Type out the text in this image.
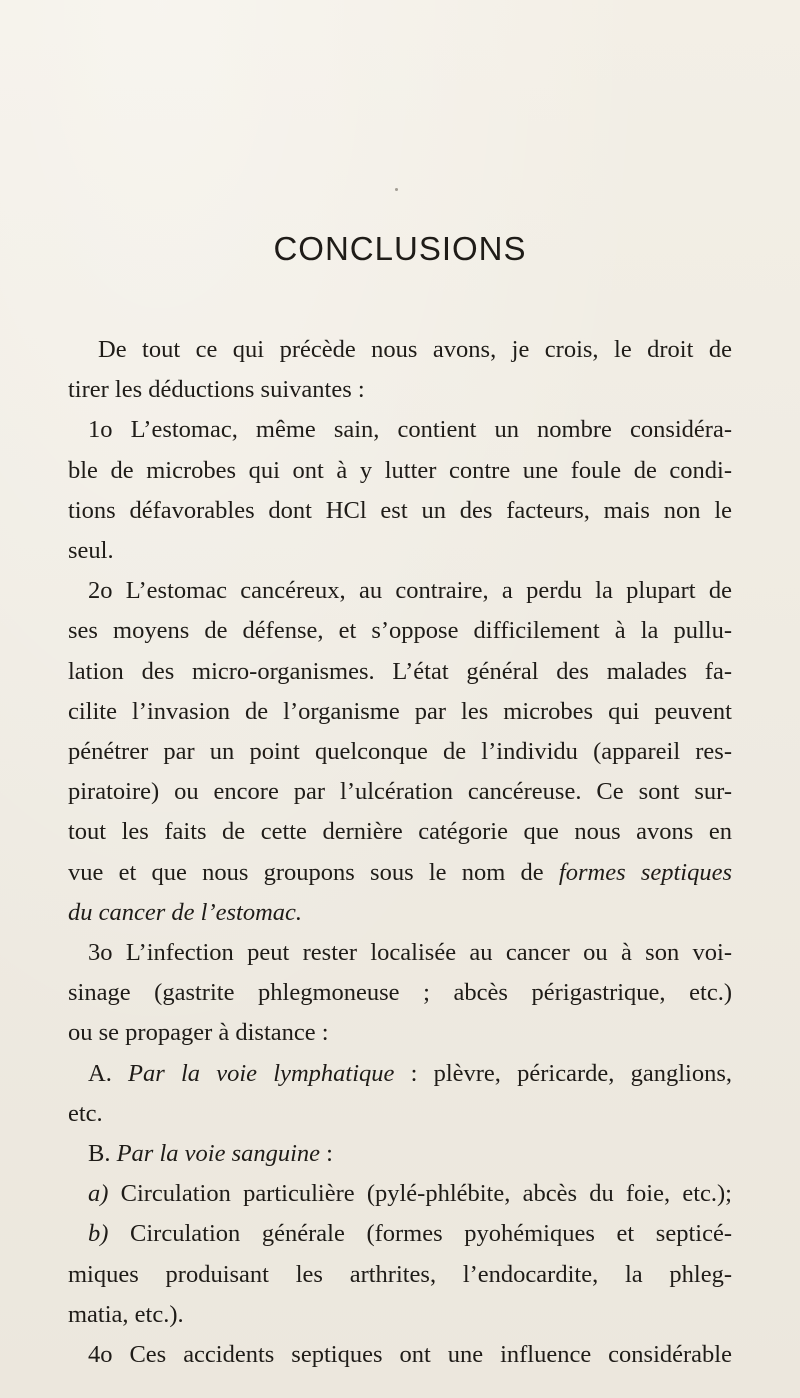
CONCLUSIONS
De tout ce qui précède nous avons, je crois, le droit de
tirer les déductions suivantes :
1o L’estomac, même sain, contient un nombre considéra-
ble de microbes qui ont à y lutter contre une foule de condi-
tions défavorables dont HCl est un des facteurs, mais non le
seul.
2o L’estomac cancéreux, au contraire, a perdu la plupart de
ses moyens de défense, et s’oppose difficilement à la pullu-
lation des micro-organismes. L’état général des malades fa-
cilite l’invasion de l’organisme par les microbes qui peuvent
pénétrer par un point quelconque de l’individu (appareil res-
piratoire) ou encore par l’ulcération cancéreuse. Ce sont sur-
tout les faits de cette dernière catégorie que nous avons en
vue et que nous groupons sous le nom de formes septiques
du cancer de l’estomac.
3o L’infection peut rester localisée au cancer ou à son voi-
sinage (gastrite phlegmoneuse ; abcès périgastrique, etc.)
ou se propager à distance :
A. Par la voie lymphatique : plèvre, péricarde, ganglions,
etc.
B. Par la voie sanguine :
a) Circulation particulière (pylé-phlébite, abcès du foie, etc.);
b) Circulation générale (formes pyohémiques et septicé-
miques produisant les arthrites, l’endocardite, la phleg-
matia, etc.).
4o Ces accidents septiques ont une influence considérable
